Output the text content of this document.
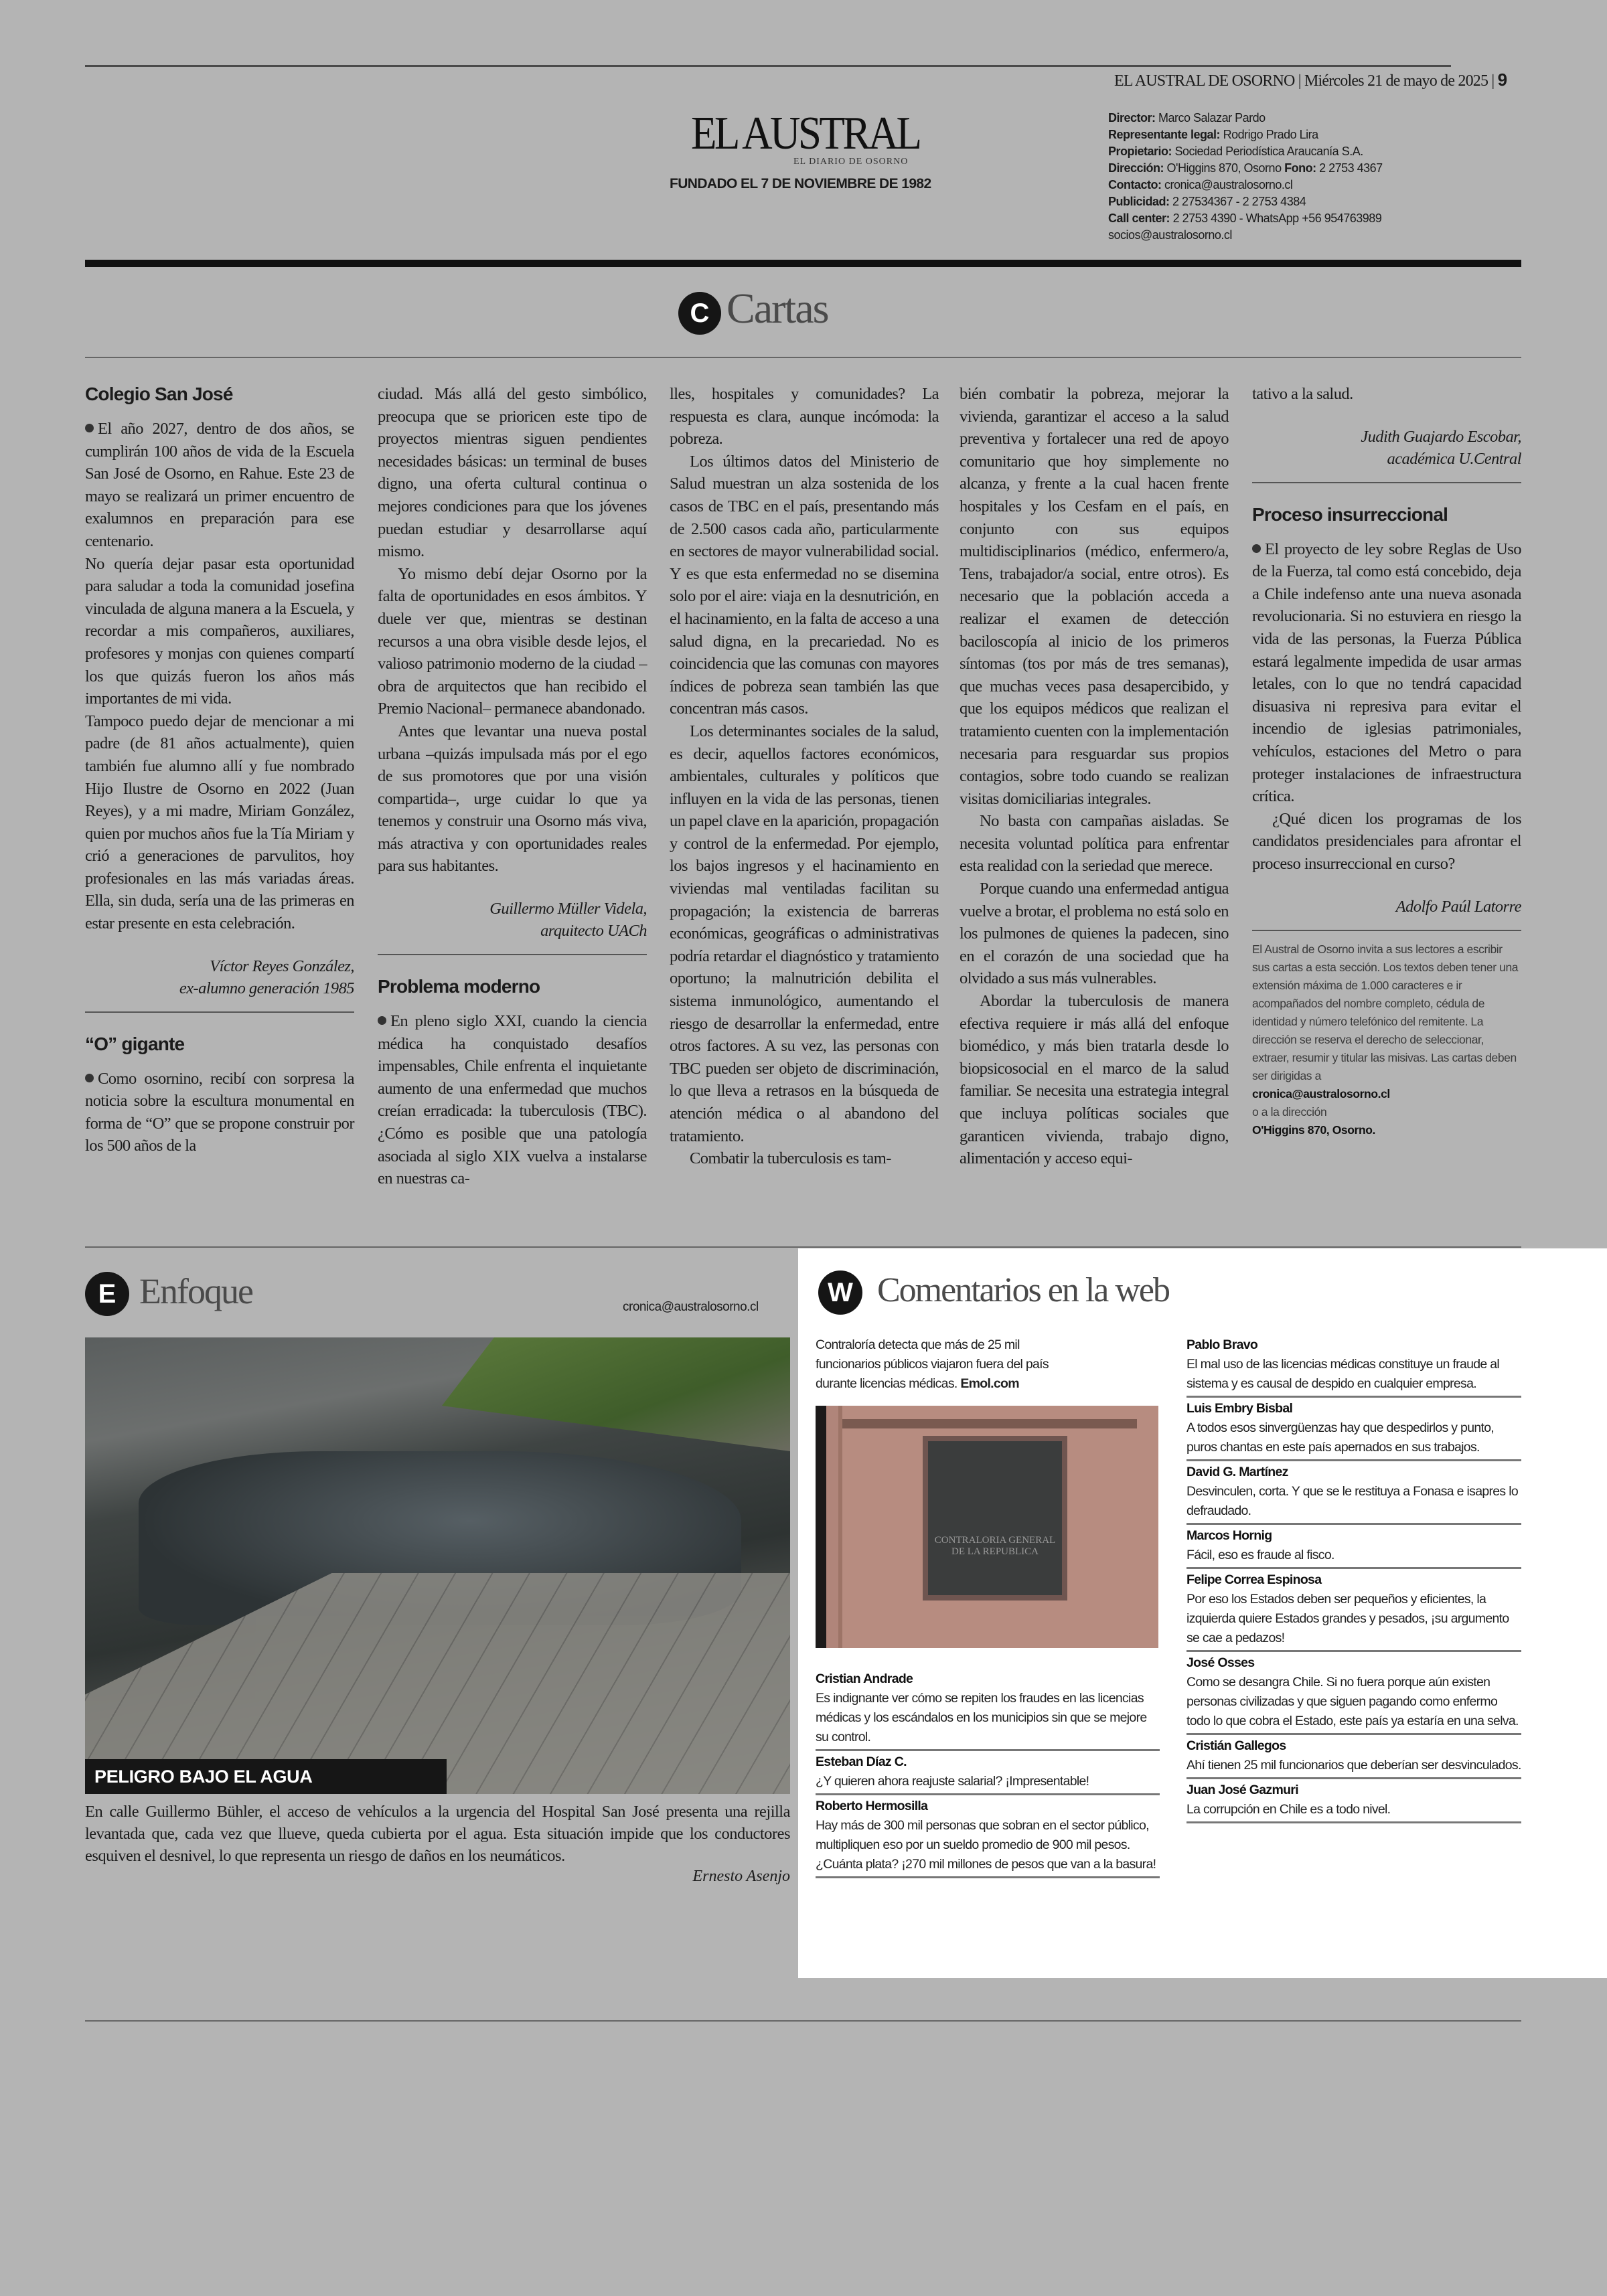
EL AUSTRAL DE OSORNO | Miércoles 21 de mayo de 2025 | 9
EL AUSTRAL
EL DIARIO DE OSORNO
FUNDADO EL 7 DE NOVIEMBRE DE 1982
Director: Marco Salazar Pardo
Representante legal: Rodrigo Prado Lira
Propietario: Sociedad Periodística Araucanía S.A.
Dirección: O'Higgins 870, Osorno Fono: 2 2753 4367
Contacto: cronica@australosorno.cl
Publicidad: 2 27534367 - 2 2753 4384
Call center: 2 2753 4390 - WhatsApp +56 954763989
socios@australosorno.cl
C Cartas
Colegio San José

El año 2027, dentro de dos años, se cumplirán 100 años de vida de la Escuela San José de Osorno, en Rahue. Este 23 de mayo se realizará un primer encuentro de exalumnos en preparación para ese centenario.

No quería dejar pasar esta oportunidad para saludar a toda la comunidad josefina vinculada de alguna manera a la Escuela, y recordar a mis compañeros, auxiliares, profesores y monjas con quienes compartí los que quizás fueron los años más importantes de mi vida.

Tampoco puedo dejar de mencionar a mi padre (de 81 años actualmente), quien también fue alumno allí y fue nombrado Hijo Ilustre de Osorno en 2022 (Juan Reyes), y a mi madre, Miriam González, quien por muchos años fue la Tía Miriam y crió a generaciones de parvulitos, hoy profesionales en las más variadas áreas. Ella, sin duda, sería una de las primeras en estar presente en esta celebración.

Víctor Reyes González,
ex-alumno generación 1985
“O” gigante

Como osornino, recibí con sorpresa la noticia sobre la escultura monumental en forma de “O” que se propone construir por los 500 años de la

ciudad. Más allá del gesto simbólico, preocupa que se prioricen este tipo de proyectos mientras siguen pendientes necesidades básicas: un terminal de buses digno, una oferta cultural continua o mejores condiciones para que los jóvenes puedan estudiar y desarrollarse aquí mismo.

Yo mismo debí dejar Osorno por la falta de oportunidades en esos ámbitos. Y duele ver que, mientras se destinan recursos a una obra visible desde lejos, el valioso patrimonio moderno de la ciudad –obra de arquitectos que han recibido el Premio Nacional– permanece abandonado.

Antes que levantar una nueva postal urbana –quizás impulsada más por el ego de sus promotores que por una visión compartida–, urge cuidar lo que ya tenemos y construir una Osorno más viva, más atractiva y con oportunidades reales para sus habitantes.

Guillermo Müller Videla,
arquitecto UACh
Problema moderno

En pleno siglo XXI, cuando la ciencia médica ha conquistado desafíos impensables, Chile enfrenta el inquietante aumento de una enfermedad que muchos creían erradicada: la tuberculosis (TBC). ¿Cómo es posible que una patología asociada al siglo XIX vuelva a instalarse en nuestras ca-

lles, hospitales y comunidades? La respuesta es clara, aunque incómoda: la pobreza.

Los últimos datos del Ministerio de Salud muestran un alza sostenida de los casos de TBC en el país, presentando más de 2.500 casos cada año, particularmente en sectores de mayor vulnerabilidad social. Y es que esta enfermedad no se disemina solo por el aire: viaja en la desnutrición, en el hacinamiento, en la falta de acceso a una salud digna, en la precariedad. No es coincidencia que las comunas con mayores índices de pobreza sean también las que concentran más casos.

Los determinantes sociales de la salud, es decir, aquellos factores económicos, ambientales, culturales y políticos que influyen en la vida de las personas, tienen un papel clave en la aparición, propagación y control de la enfermedad. Por ejemplo, los bajos ingresos y el hacinamiento en viviendas mal ventiladas facilitan su propagación; la existencia de barreras económicas, geográficas o administrativas podría retardar el diagnóstico y tratamiento oportuno; la malnutrición debilita el sistema inmunológico, aumentando el riesgo de desarrollar la enfermedad, entre otros factores. A su vez, las personas con TBC pueden ser objeto de discriminación, lo que lleva a retrasos en la búsqueda de atención médica o al abandono del tratamiento.

Combatir la tuberculosis es tam-

bién combatir la pobreza, mejorar la vivienda, garantizar el acceso a la salud preventiva y fortalecer una red de apoyo comunitario que hoy simplemente no alcanza, y frente a la cual hacen frente hospitales y los Cesfam en el país, en conjunto con sus equipos multidisciplinarios (médico, enfermero/a, Tens, trabajador/a social, entre otros). Es necesario que la población acceda a realizar el examen de detección baciloscopía al inicio de los primeros síntomas (tos por más de tres semanas), que muchas veces pasa desapercibido, y que los equipos médicos que realizan el tratamiento cuenten con la implementación necesaria para resguardar sus propios contagios, sobre todo cuando se realizan visitas domiciliarias integrales.

No basta con campañas aisladas. Se necesita voluntad política para enfrentar esta realidad con la seriedad que merece.

Porque cuando una enfermedad antigua vuelve a brotar, el problema no está solo en los pulmones de quienes la padecen, sino en el corazón de una sociedad que ha olvidado a sus más vulnerables.

Abordar la tuberculosis de manera efectiva requiere ir más allá del enfoque biomédico, y más bien tratarla desde lo biopsicosocial en el marco de la salud familiar. Se necesita una estrategia integral que incluya políticas sociales que garanticen vivienda, trabajo digno, alimentación y acceso equi-

tativo a la salud.

Judith Guajardo Escobar,
académica U.Central
Proceso insurreccional

El proyecto de ley sobre Reglas de Uso de la Fuerza, tal como está concebido, deja a Chile indefenso ante una nueva asonada revolucionaria. Si no estuviera en riesgo la vida de las personas, la Fuerza Pública estará legalmente impedida de usar armas letales, con lo que no tendrá capacidad disuasiva ni represiva para evitar el incendio de iglesias patrimoniales, vehículos, estaciones del Metro o para proteger instalaciones de infraestructura crítica.

¿Qué dicen los programas de los candidatos presidenciales para afrontar el proceso insurreccional en curso?

Adolfo Paúl Latorre
El Austral de Osorno invita a sus lectores a escribir sus cartas a esta sección. Los textos deben tener una extensión máxima de 1.000 caracteres e ir acompañados del nombre completo, cédula de identidad y número telefónico del remitente. La dirección se reserva el derecho de seleccionar, extraer, resumir y titular las misivas. Las cartas deben ser dirigidas a
cronica@australosorno.cl
o a la dirección
O'Higgins 870, Osorno.
E Enfoque	cronica@australosorno.cl
PELIGRO BAJO EL AGUA
En calle Guillermo Bühler, el acceso de vehículos a la urgencia del Hospital San José presenta una rejilla levantada que, cada vez que llueve, queda cubierta por el agua. Esta situación impide que los conductores esquiven el desnivel, lo que representa un riesgo de daños en los neumáticos.
Ernesto Asenjo
W Comentarios en la web
Contraloría detecta que más de 25 mil funcionarios públicos viajaron fuera del país durante licencias médicas. Emol.com
CONTRALORIA GENERAL DE LA REPUBLICA
Cristian Andrade
Es indignante ver cómo se repiten los fraudes en las licencias médicas y los escándalos en los municipios sin que se mejore su control.
Esteban Díaz C.
¿Y quieren ahora reajuste salarial? ¡Impresentable!
Roberto Hermosilla
Hay más de 300 mil personas que sobran en el sector público, multipliquen eso por un sueldo promedio de 900 mil pesos. ¿Cuánta plata? ¡270 mil millones de pesos que van a la basura!
Pablo Bravo
El mal uso de las licencias médicas constituye un fraude al sistema y es causal de despido en cualquier empresa.
Luis Embry Bisbal
A todos esos sinvergüenzas hay que despedirlos y punto, puros chantas en este país apernados en sus trabajos.
David G. Martínez
Desvinculen, corta. Y que se le restituya a Fonasa e isapres lo defraudado.
Marcos Hornig
Fácil, eso es fraude al fisco.
Felipe Correa Espinosa
Por eso los Estados deben ser pequeños y eficientes, la izquierda quiere Estados grandes y pesados, ¡su argumento se cae a pedazos!
José Osses
Como se desangra Chile. Si no fuera porque aún existen personas civilizadas y que siguen pagando como enfermo todo lo que cobra el Estado, este país ya estaría en una selva.
Cristián Gallegos
Ahí tienen 25 mil funcionarios que deberían ser desvinculados.
Juan José Gazmuri
La corrupción en Chile es a todo nivel.
